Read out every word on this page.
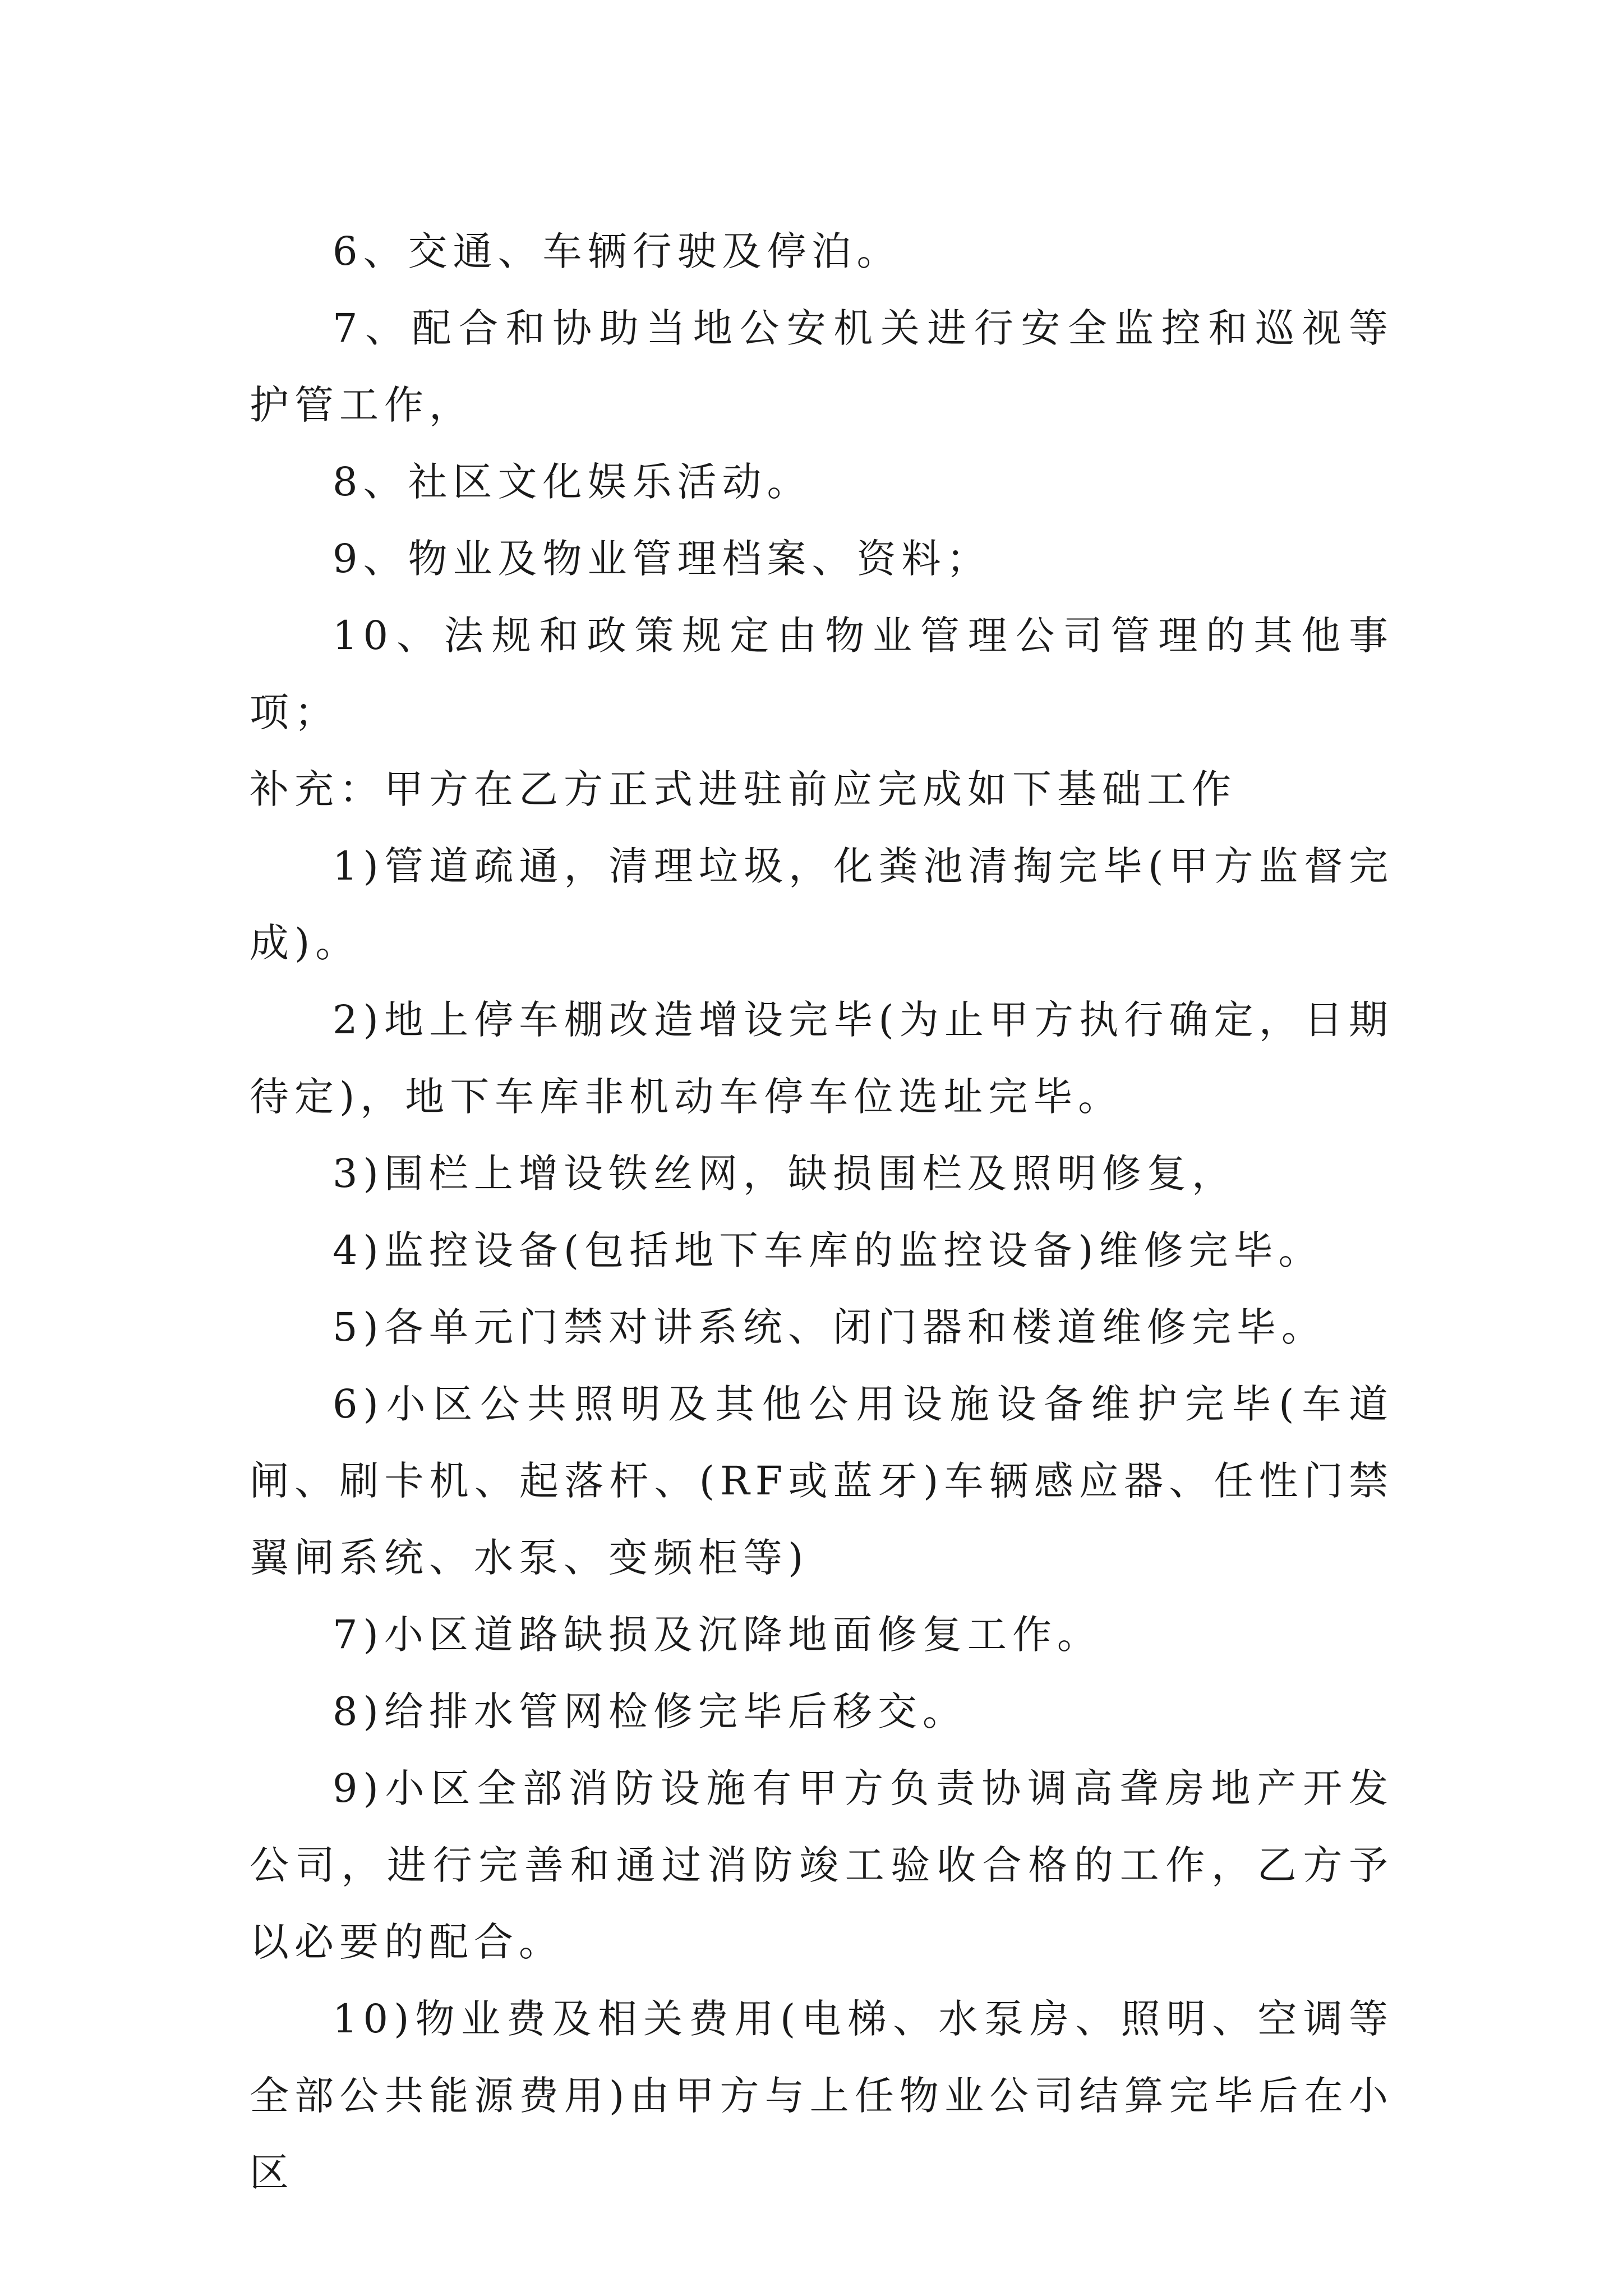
6、交通、车辆行驶及停泊。

7、配合和协助当地公安机关进行安全监控和巡视等护管工作，

8、社区文化娱乐活动。

9、物业及物业管理档案、资料；

10、法规和政策规定由物业管理公司管理的其他事项；

补充：甲方在乙方正式进驻前应完成如下基础工作

1)管道疏通，清理垃圾，化粪池清掏完毕(甲方监督完成)。

2)地上停车棚改造增设完毕(为止甲方执行确定，日期待定)，地下车库非机动车停车位选址完毕。

3)围栏上增设铁丝网，缺损围栏及照明修复，

4)监控设备(包括地下车库的监控设备)维修完毕。

5)各单元门禁对讲系统、闭门器和楼道维修完毕。

6)小区公共照明及其他公用设施设备维护完毕(车道闸、刷卡机、起落杆、(RF或蓝牙)车辆感应器、任性门禁翼闸系统、水泵、变频柜等)

7)小区道路缺损及沉降地面修复工作。

8)给排水管网检修完毕后移交。

9)小区全部消防设施有甲方负责协调高聋房地产开发公司，进行完善和通过消防竣工验收合格的工作，乙方予以必要的配合。

10)物业费及相关费用(电梯、水泵房、照明、空调等全部公共能源费用)由甲方与上任物业公司结算完毕后在小区
